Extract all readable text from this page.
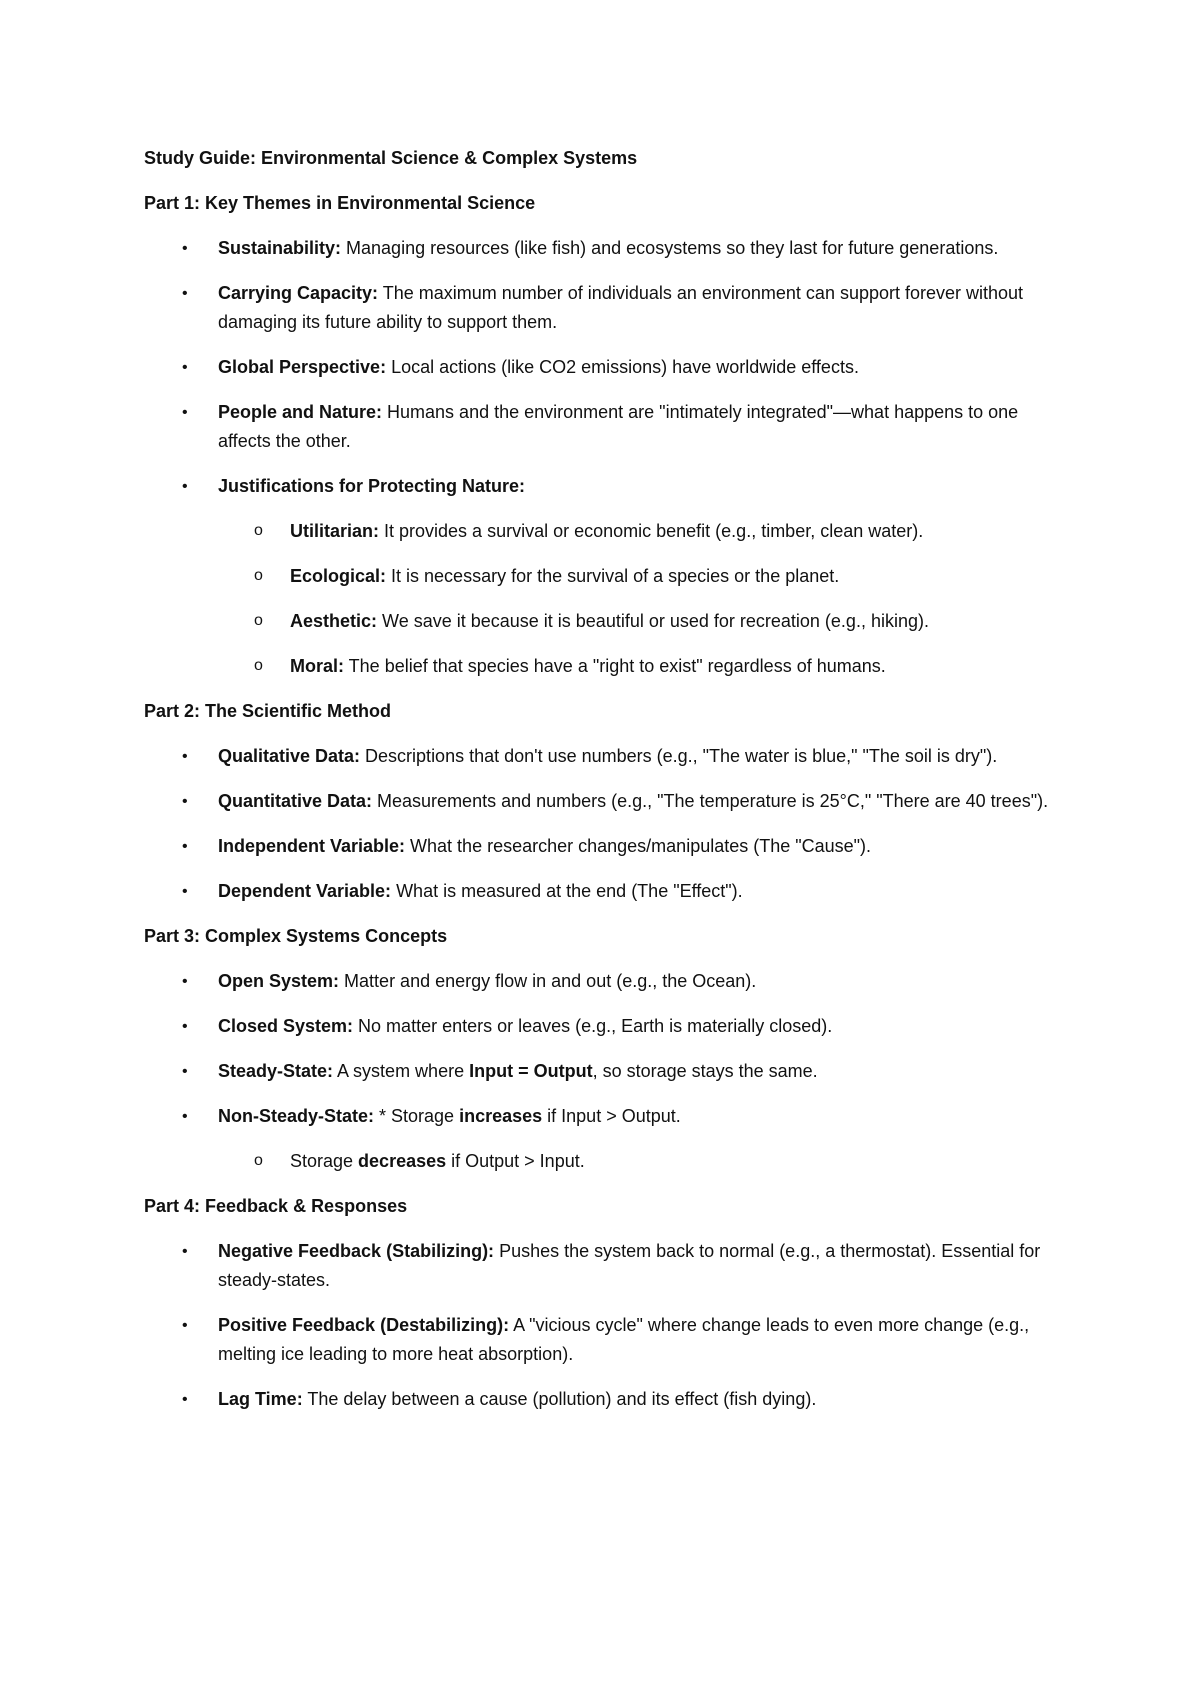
Study Guide: Environmental Science & Complex Systems

Part 1: Key Themes in Environmental Science

• Sustainability: Managing resources (like fish) and ecosystems so they last for future generations.
• Carrying Capacity: The maximum number of individuals an environment can support forever without damaging its future ability to support them.
• Global Perspective: Local actions (like CO2 emissions) have worldwide effects.
• People and Nature: Humans and the environment are "intimately integrated"—what happens to one affects the other.
• Justifications for Protecting Nature:
o Utilitarian: It provides a survival or economic benefit (e.g., timber, clean water).
o Ecological: It is necessary for the survival of a species or the planet.
o Aesthetic: We save it because it is beautiful or used for recreation (e.g., hiking).
o Moral: The belief that species have a "right to exist" regardless of humans.

Part 2: The Scientific Method

• Qualitative Data: Descriptions that don't use numbers (e.g., "The water is blue," "The soil is dry").
• Quantitative Data: Measurements and numbers (e.g., "The temperature is 25°C," "There are 40 trees").
• Independent Variable: What the researcher changes/manipulates (The "Cause").
• Dependent Variable: What is measured at the end (The "Effect").

Part 3: Complex Systems Concepts

• Open System: Matter and energy flow in and out (e.g., the Ocean).
• Closed System: No matter enters or leaves (e.g., Earth is materially closed).
• Steady-State: A system where Input = Output, so storage stays the same.
• Non-Steady-State: * Storage increases if Input > Output.
o Storage decreases if Output > Input.

Part 4: Feedback & Responses

• Negative Feedback (Stabilizing): Pushes the system back to normal (e.g., a thermostat). Essential for steady-states.
• Positive Feedback (Destabilizing): A "vicious cycle" where change leads to even more change (e.g., melting ice leading to more heat absorption).
• Lag Time: The delay between a cause (pollution) and its effect (fish dying).
